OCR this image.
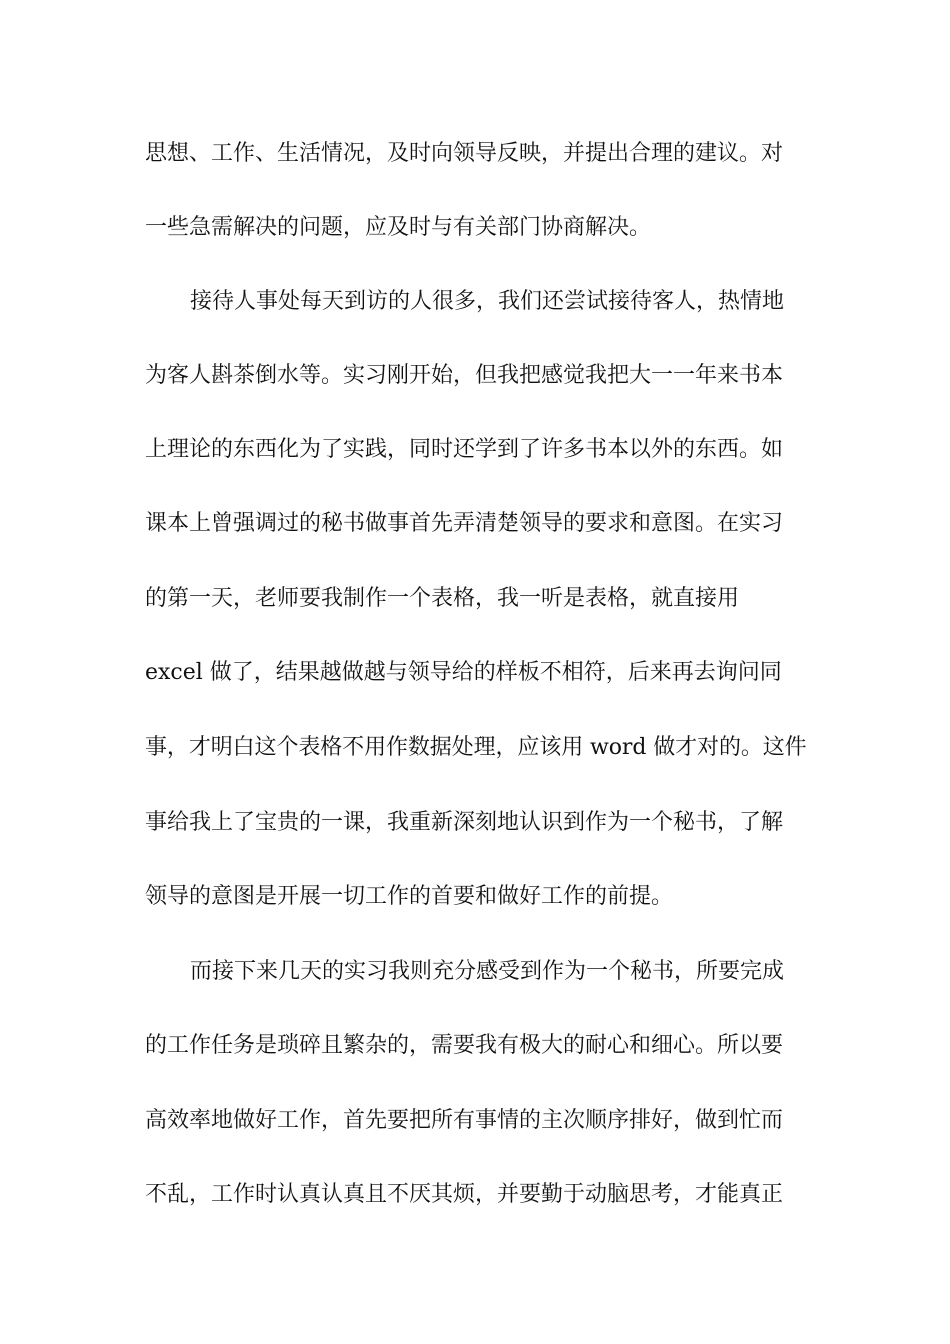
思想、工作、生活情况，及时向领导反映，并提出合理的建议。对
一些急需解决的问题，应及时与有关部门协商解决。
接待人事处每天到访的人很多，我们还尝试接待客人，热情地
为客人斟茶倒水等。实习刚开始，但我把感觉我把大一一年来书本
上理论的东西化为了实践，同时还学到了许多书本以外的东西。如
课本上曾强调过的秘书做事首先弄清楚领导的要求和意图。在实习
的第一天，老师要我制作一个表格，我一听是表格，就直接用
excel 做了，结果越做越与领导给的样板不相符，后来再去询问同
事，才明白这个表格不用作数据处理，应该用 word 做才对的。这件
事给我上了宝贵的一课，我重新深刻地认识到作为一个秘书，了解
领导的意图是开展一切工作的首要和做好工作的前提。
而接下来几天的实习我则充分感受到作为一个秘书，所要完成
的工作任务是琐碎且繁杂的，需要我有极大的耐心和细心。所以要
高效率地做好工作，首先要把所有事情的主次顺序排好，做到忙而
不乱，工作时认真认真且不厌其烦，并要勤于动脑思考，才能真正
